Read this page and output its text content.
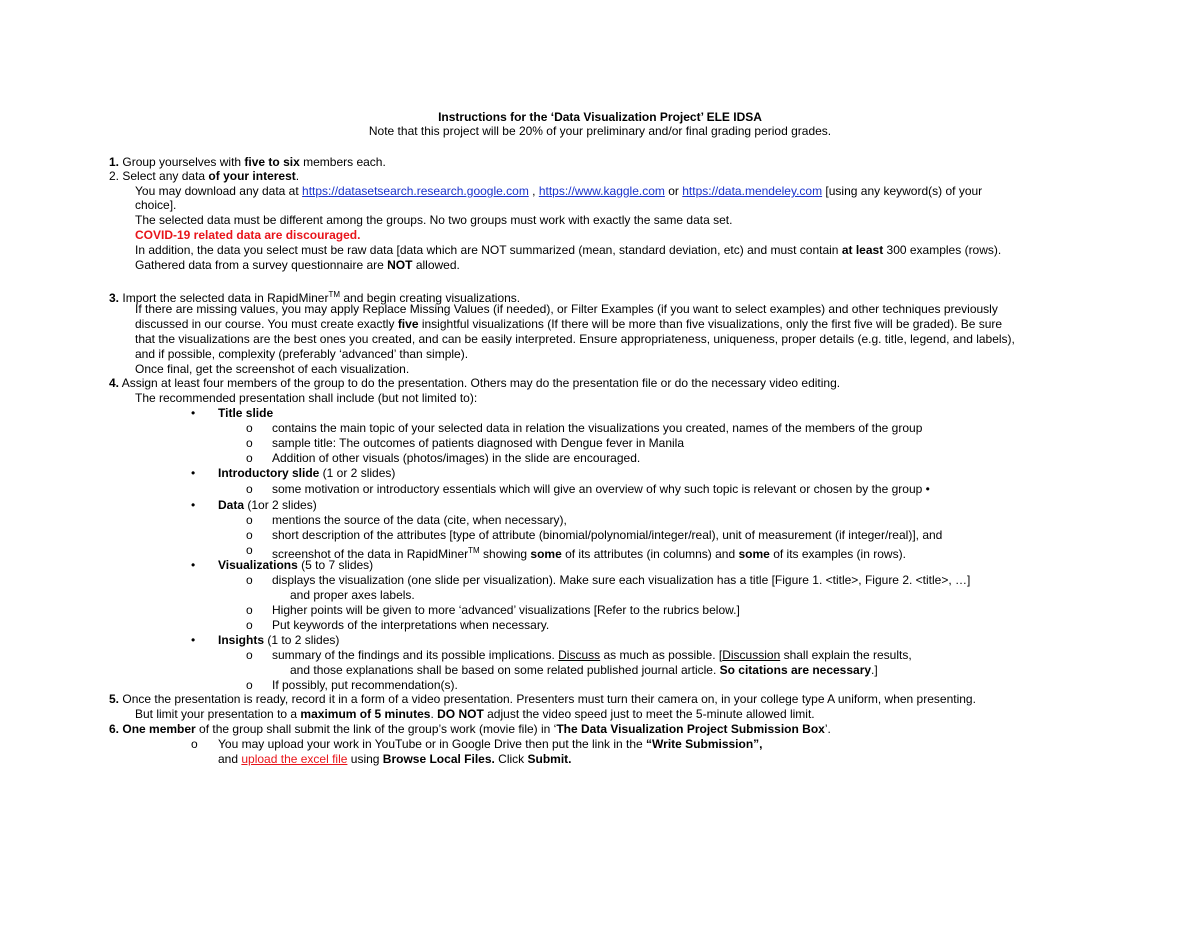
Instructions for the ‘Data Visualization Project’ ELE IDSA
Note that this project will be 20% of your preliminary and/or final grading period grades.
1. Group yourselves with five to six members each.
2. Select any data of your interest.
You may download any data at https://datasetsearch.research.google.com , https://www.kaggle.com or https://data.mendeley.com [using any keyword(s) of your
choice].
The selected data must be different among the groups. No two groups must work with exactly the same data set.
COVID-19 related data are discouraged.
In addition, the data you select must be raw data [data which are NOT summarized (mean, standard deviation, etc) and must contain at least 300 examples (rows).
Gathered data from a survey questionnaire are NOT allowed.
3. Import the selected data in RapidMiner™ and begin creating visualizations.
If there are missing values, you may apply Replace Missing Values (if needed), or Filter Examples (if you want to select examples) and other techniques previously
discussed in our course. You must create exactly five insightful visualizations (If there will be more than five visualizations, only the first five will be graded). Be sure
that the visualizations are the best ones you created, and can be easily interpreted. Ensure appropriateness, uniqueness, proper details (e.g. title, legend, and labels),
and if possible, complexity (preferably ‘advanced’ than simple).
Once final, get the screenshot of each visualization.
4. Assign at least four members of the group to do the presentation. Others may do the presentation file or do the necessary video editing.
The recommended presentation shall include (but not limited to):
• Title slide
o contains the main topic of your selected data in relation the visualizations you created, names of the members of the group
o sample title: The outcomes of patients diagnosed with Dengue fever in Manila
o Addition of other visuals (photos/images) in the slide are encouraged.
• Introductory slide (1 or 2 slides)
o some motivation or introductory essentials which will give an overview of why such topic is relevant or chosen by the group •
• Data (1or 2 slides)
o mentions the source of the data (cite, when necessary),
o short description of the attributes [type of attribute (binomial/polynomial/integer/real), unit of measurement (if integer/real)], and
o screenshot of the data in RapidMiner™ showing some of its attributes (in columns) and some of its examples (in rows).
• Visualizations (5 to 7 slides)
o displays the visualization (one slide per visualization). Make sure each visualization has a title [Figure 1. <title>, Figure 2. <title>, …]
and proper axes labels.
o Higher points will be given to more ‘advanced’ visualizations [Refer to the rubrics below.]
o Put keywords of the interpretations when necessary.
• Insights (1 to 2 slides)
o summary of the findings and its possible implications. Discuss as much as possible. [Discussion shall explain the results,
and those explanations shall be based on some related published journal article. So citations are necessary.]
o If possibly, put recommendation(s).
5. Once the presentation is ready, record it in a form of a video presentation. Presenters must turn their camera on, in your college type A uniform, when presenting.
But limit your presentation to a maximum of 5 minutes. DO NOT adjust the video speed just to meet the 5-minute allowed limit.
6. One member of the group shall submit the link of the group’s work (movie file) in ‘The Data Visualization Project Submission Box’.
o You may upload your work in YouTube or in Google Drive then put the link in the “Write Submission”,
and upload the excel file using Browse Local Files. Click Submit.
